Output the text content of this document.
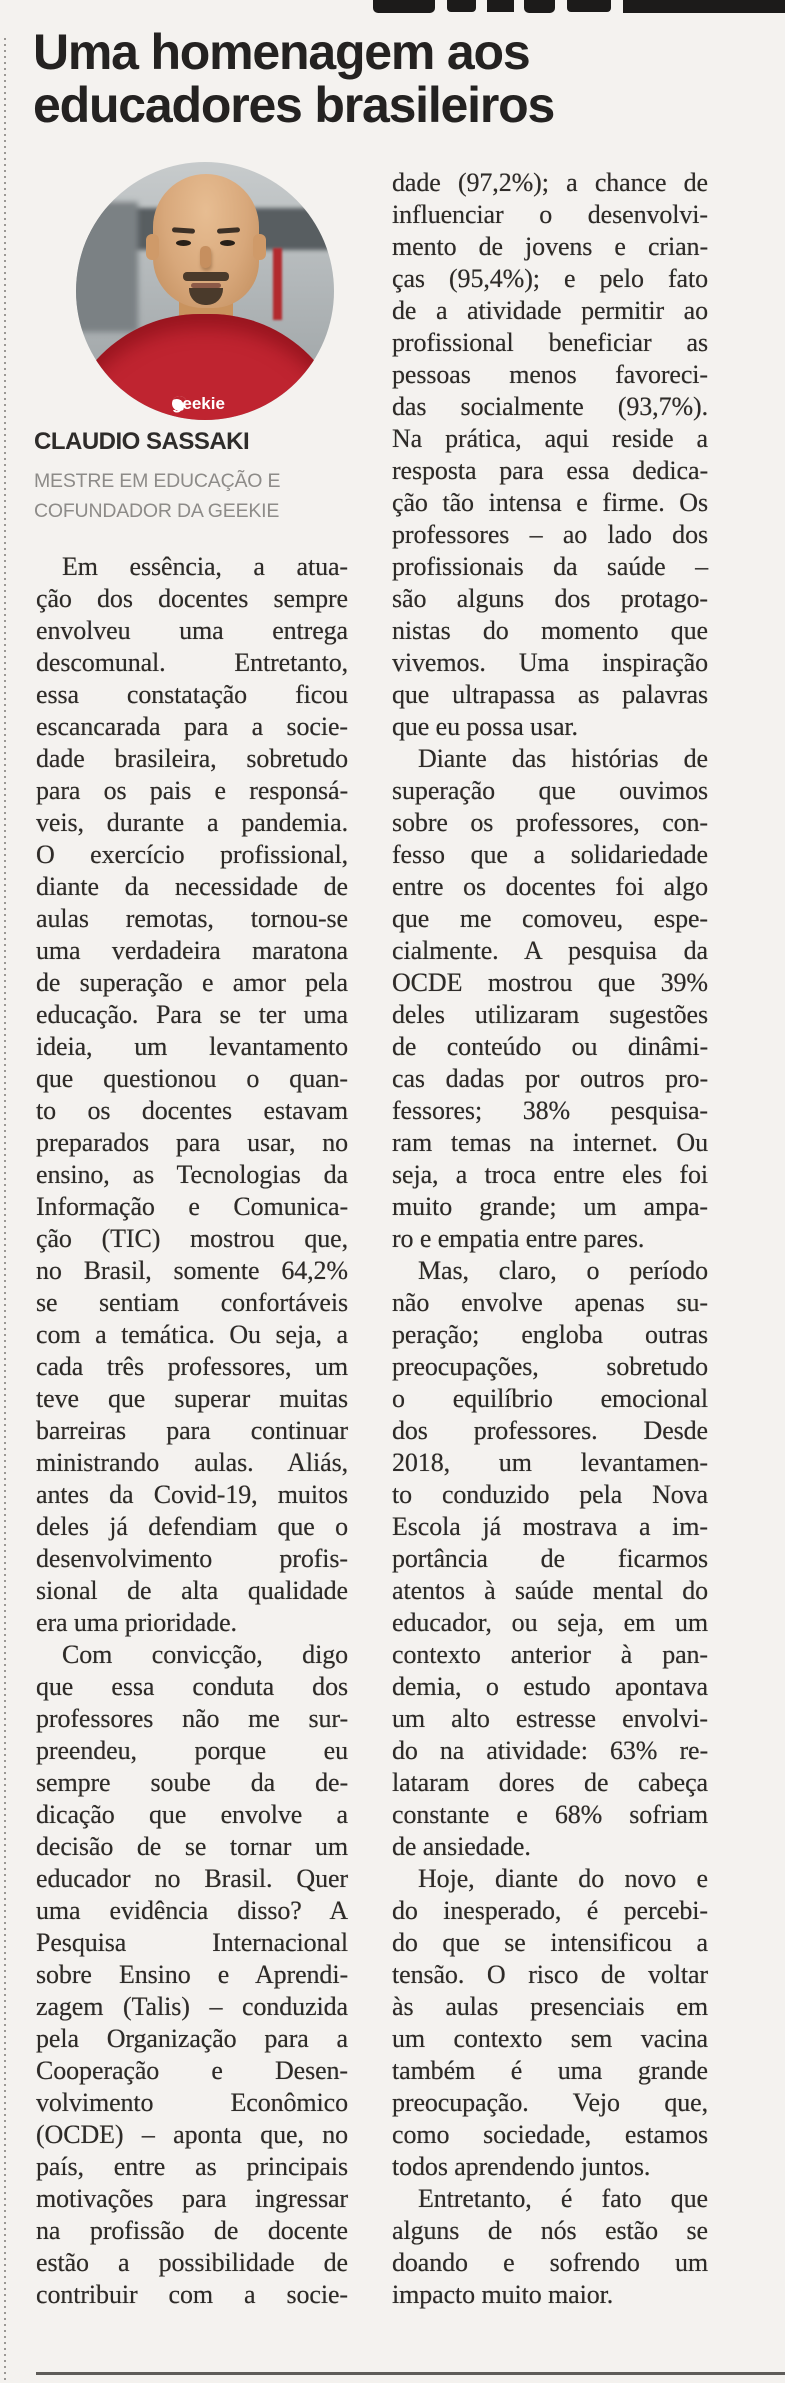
Uma homenagem aos
educadores brasileiros
geekie
CLAUDIO SASSAKI
MESTRE EM EDUCAÇÃO E
COFUNDADOR DA GEEKIE

Em essência, a atua-
ção dos docentes sempre
envolveu uma entrega
descomunal. Entretanto,
essa constatação ficou
escancarada para a socie-
dade brasileira, sobretudo
para os pais e responsá-
veis, durante a pandemia.
O exercício profissional,
diante da necessidade de
aulas remotas, tornou-se
uma verdadeira maratona
de superação e amor pela
educação. Para se ter uma
ideia, um levantamento
que questionou o quan-
to os docentes estavam
preparados para usar, no
ensino, as Tecnologias da
Informação e Comunica-
ção (TIC) mostrou que,
no Brasil, somente 64,2%
se sentiam confortáveis
com a temática. Ou seja, a
cada três professores, um
teve que superar muitas
barreiras para continuar
ministrando aulas. Aliás,
antes da Covid-19, muitos
deles já defendiam que o
desenvolvimento profis-
sional de alta qualidade
era uma prioridade.

Com convicção, digo
que essa conduta dos
professores não me sur-
preendeu, porque eu
sempre soube da de-
dicação que envolve a
decisão de se tornar um
educador no Brasil. Quer
uma evidência disso? A
Pesquisa Internacional
sobre Ensino e Aprendi-
zagem (Talis) – conduzida
pela Organização para a
Cooperação e Desen-
volvimento Econômico
(OCDE) – aponta que, no
país, entre as principais
motivações para ingressar
na profissão de docente
estão a possibilidade de
contribuir com a socie-

dade (97,2%); a chance de
influenciar o desenvolvi-
mento de jovens e crian-
ças (95,4%); e pelo fato
de a atividade permitir ao
profissional beneficiar as
pessoas menos favoreci-
das socialmente (93,7%).
Na prática, aqui reside a
resposta para essa dedica-
ção tão intensa e firme. Os
professores – ao lado dos
profissionais da saúde –
são alguns dos protago-
nistas do momento que
vivemos. Uma inspiração
que ultrapassa as palavras
que eu possa usar.

Diante das histórias de
superação que ouvimos
sobre os professores, con-
fesso que a solidariedade
entre os docentes foi algo
que me comoveu, espe-
cialmente. A pesquisa da
OCDE mostrou que 39%
deles utilizaram sugestões
de conteúdo ou dinâmi-
cas dadas por outros pro-
fessores; 38% pesquisa-
ram temas na internet. Ou
seja, a troca entre eles foi
muito grande; um ampa-
ro e empatia entre pares.

Mas, claro, o período
não envolve apenas su-
peração; engloba outras
preocupações, sobretudo
o equilíbrio emocional
dos professores. Desde
2018, um levantamen-
to conduzido pela Nova
Escola já mostrava a im-
portância de ficarmos
atentos à saúde mental do
educador, ou seja, em um
contexto anterior à pan-
demia, o estudo apontava
um alto estresse envolvi-
do na atividade: 63% re-
lataram dores de cabeça
constante e 68% sofriam
de ansiedade.

Hoje, diante do novo e
do inesperado, é percebi-
do que se intensificou a
tensão. O risco de voltar
às aulas presenciais em
um contexto sem vacina
também é uma grande
preocupação. Vejo que,
como sociedade, estamos
todos aprendendo juntos.

Entretanto, é fato que
alguns de nós estão se
doando e sofrendo um
impacto muito maior.
